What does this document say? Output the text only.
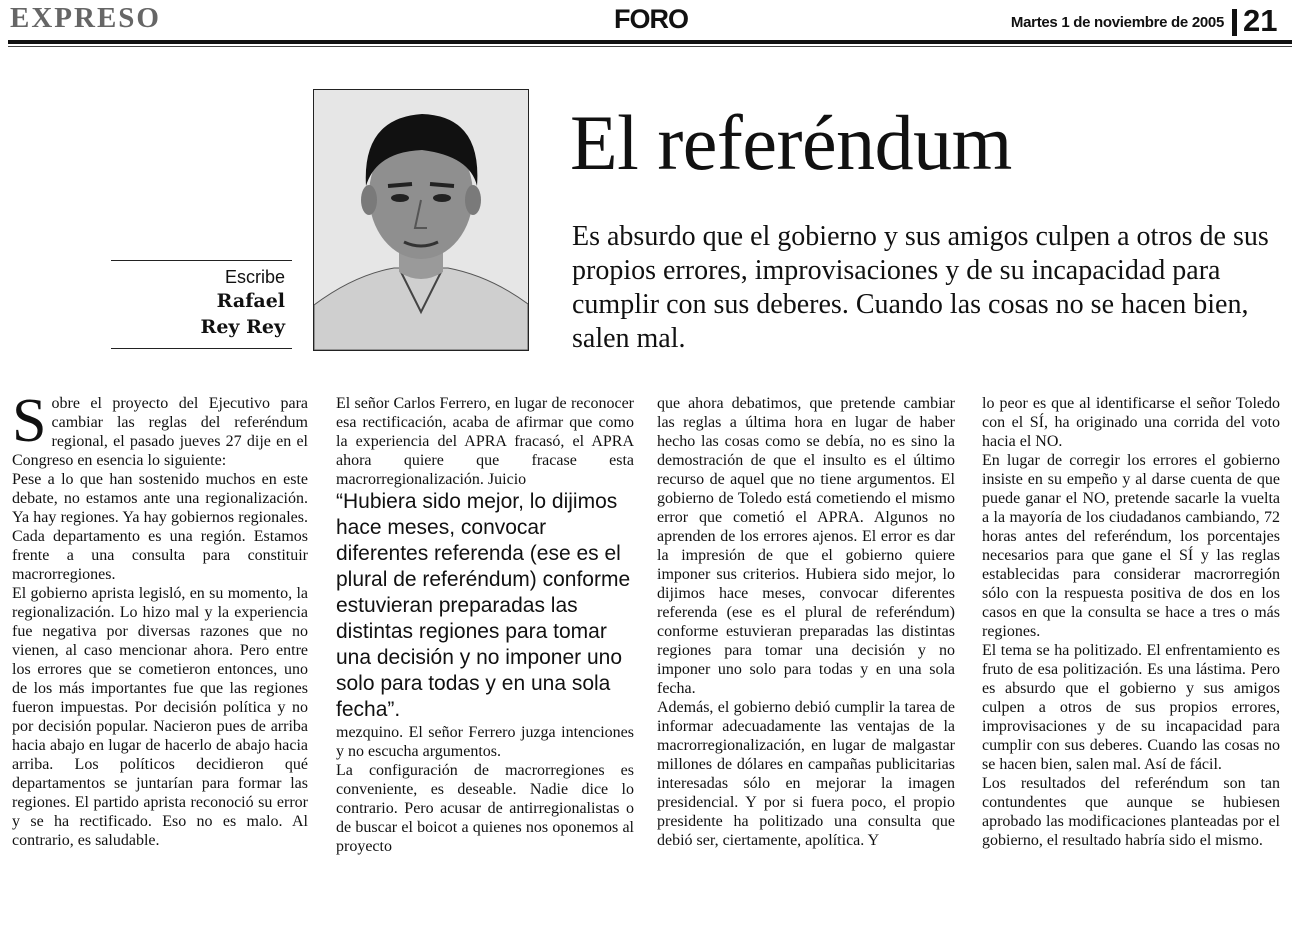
EXPRESO	FORO	Martes 1 de noviembre de 2005 21
Escribe
Rafael
Rey Rey
El referéndum

Es absurdo que el gobierno y sus amigos culpen a otros de sus propios errores, improvisaciones y de su incapacidad para cumplir con sus deberes. Cuando las cosas no se hacen bien, salen mal.

Sobre el proyecto del Ejecutivo para cambiar las reglas del referéndum regional, el pasado jueves 27 dije en el Congreso en esencia lo siguiente:

Pese a lo que han sostenido muchos en este debate, no estamos ante una regionalización. Ya hay regiones. Ya hay gobiernos regionales. Cada departamento es una región. Estamos frente a una consulta para constituir macrorregiones.

El gobierno aprista legisló, en su momento, la regionalización. Lo hizo mal y la experiencia fue negativa por diversas razones que no vienen, al caso mencionar ahora. Pero entre los errores que se cometieron entonces, uno de los más importantes fue que las regiones fueron impuestas. Por decisión política y no por decisión popular. Nacieron pues de arriba hacia abajo en lugar de hacerlo de abajo hacia arriba. Los políticos decidieron qué departamentos se juntarían para formar las regiones. El partido aprista reconoció su error y se ha rectificado. Eso no es malo. Al contrario, es saludable.

El señor Carlos Ferrero, en lugar de reconocer esa rectificación, acaba de afirmar que como la experiencia del APRA fracasó, el APRA ahora quiere que fracase esta macrorregionalización. Juicio

“Hubiera sido mejor, lo dijimos hace meses, convocar diferentes referenda (ese es el plural de referéndum) conforme estuvieran preparadas las distintas regiones para tomar una decisión y no imponer uno solo para todas y en una sola fecha”.

mezquino. El señor Ferrero juzga intenciones y no escucha argumentos.

La configuración de macrorregiones es conveniente, es deseable. Nadie dice lo contrario. Pero acusar de antirregionalistas o de buscar el boicot a quienes nos oponemos al proyecto

que ahora debatimos, que pretende cambiar las reglas a última hora en lugar de haber hecho las cosas como se debía, no es sino la demostración de que el insulto es el último recurso de aquel que no tiene argumentos. El gobierno de Toledo está cometiendo el mismo error que cometió el APRA. Algunos no aprenden de los errores ajenos. El error es dar la impresión de que el gobierno quiere imponer sus criterios. Hubiera sido mejor, lo dijimos hace meses, convocar diferentes referenda (ese es el plural de referéndum) conforme estuvieran preparadas las distintas regiones para tomar una decisión y no imponer uno solo para todas y en una sola fecha.

Además, el gobierno debió cumplir la tarea de informar adecuadamente las ventajas de la macrorregionalización, en lugar de malgastar millones de dólares en campañas publicitarias interesadas sólo en mejorar la imagen presidencial. Y por si fuera poco, el propio presidente ha politizado una consulta que debió ser, ciertamente, apolítica. Y

lo peor es que al identificarse el señor Toledo con el SÍ, ha originado una corrida del voto hacia el NO.

En lugar de corregir los errores el gobierno insiste en su empeño y al darse cuenta de que puede ganar el NO, pretende sacarle la vuelta a la mayoría de los ciudadanos cambiando, 72 horas antes del referéndum, los porcentajes necesarios para que gane el SÍ y las reglas establecidas para considerar macrorregión sólo con la respuesta positiva de dos en los casos en que la consulta se hace a tres o más regiones.

El tema se ha politizado. El enfrentamiento es fruto de esa politización. Es una lástima. Pero es absurdo que el gobierno y sus amigos culpen a otros de sus propios errores, improvisaciones y de su incapacidad para cumplir con sus deberes. Cuando las cosas no se hacen bien, salen mal. Así de fácil.

Los resultados del referéndum son tan contundentes que aunque se hubiesen aprobado las modificaciones planteadas por el gobierno, el resultado habría sido el mismo.
